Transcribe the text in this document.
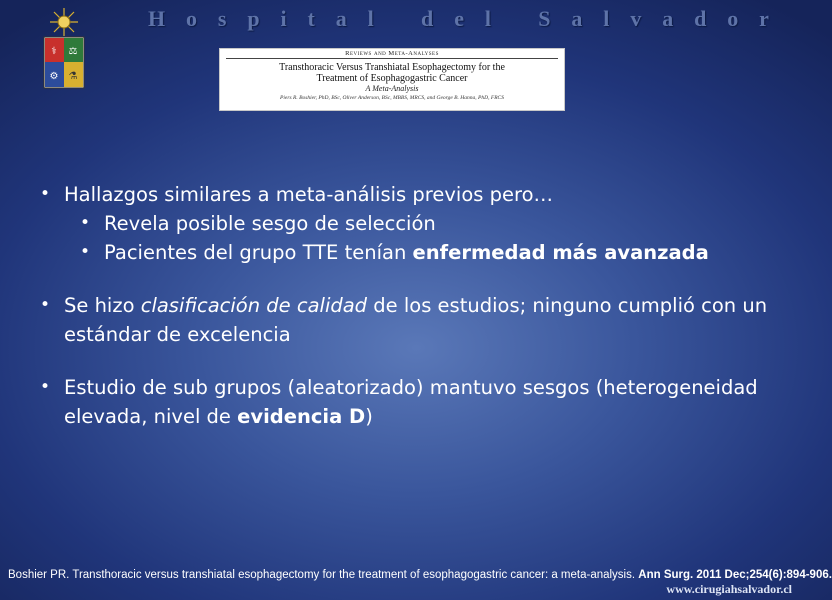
Hospital del Salvador
⚕ ⚖
⚙ ⚗
Reviews and Meta-Analyses
Transthoracic Versus Transhiatal Esophagectomy for the
Treatment of Esophagogastric Cancer
A Meta-Analysis
Piers R. Boshier, PhD, BSc, Oliver Anderson, BSc, MBBS, MRCS, and George B. Hanna, PhD, FRCS
• Hallazgos similares a meta-análisis previos pero…
• Revela posible sesgo de selección
• Pacientes del grupo TTE tenían enfermedad más avanzada
• Se hizo clasificación de calidad de los estudios; ninguno cumplió con un estándar de excelencia
• Estudio de sub grupos (aleatorizado) mantuvo sesgos (heterogeneidad elevada, nivel de evidencia D)
Boshier PR. Transthoracic versus transhiatal esophagectomy for the treatment of esophagogastric cancer: a meta-analysis. Ann Surg. 2011 Dec;254(6):894-906.
www.cirugiahsalvador.cl
